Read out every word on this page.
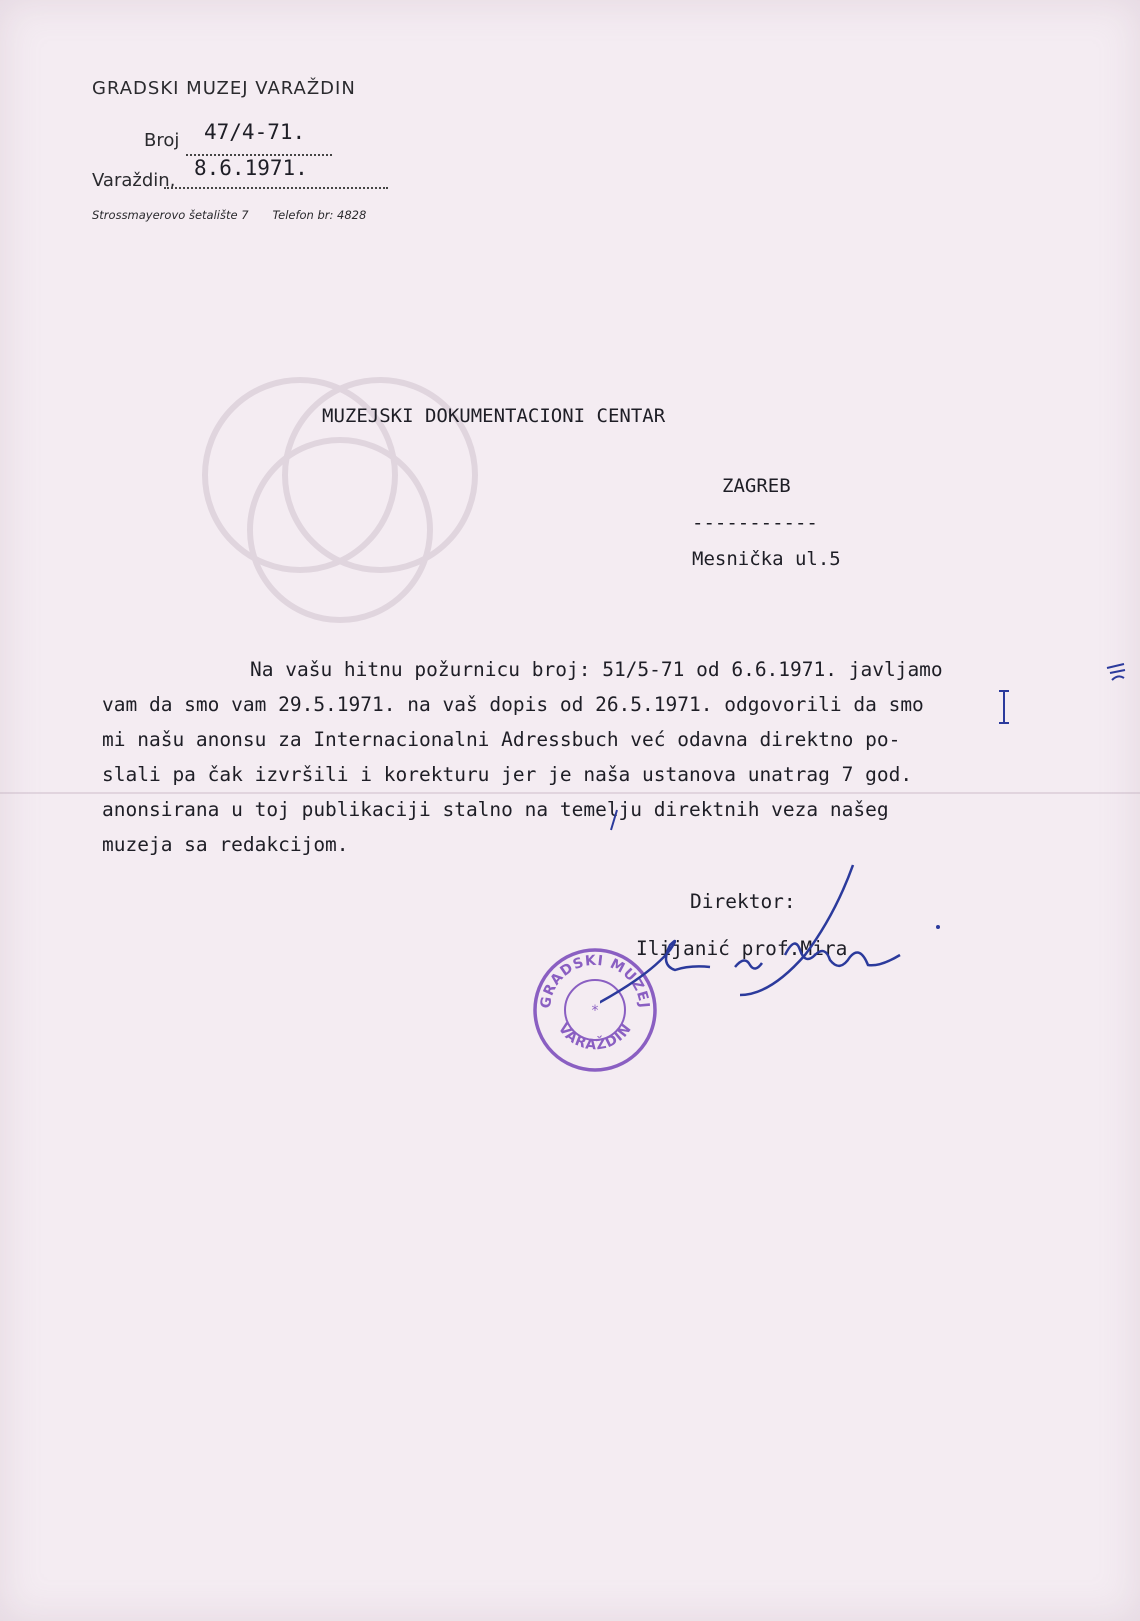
GRADSKI MUZEJ VARAŽDIN
Broj 47/4-71.
Varaždin,
8.6.1971.
Strossmayerovo šetalište 7 Telefon br: 4828
MUZEJSKI DOKUMENTACIONI CENTAR
ZAGREB
-----------
Mesnička ul.5
Na vašu hitnu požurnicu broj: 51/5-71 od 6.6.1971. javljamo
vam da smo vam 29.5.1971. na vaš dopis od 26.5.1971. odgovorili da smo
mi našu anonsu za Internacionalni Adressbuch već odavna direktno po-
slali pa čak izvršili i korekturu jer je naša ustanova unatrag 7 god.
anonsirana u toj publikaciji stalno na temelju direktnih veza našeg
muzeja sa redakcijom.
Direktor:
Ilijanić prof.Mira
GRADSKI MUZEJ
VARAŽDIN
*
